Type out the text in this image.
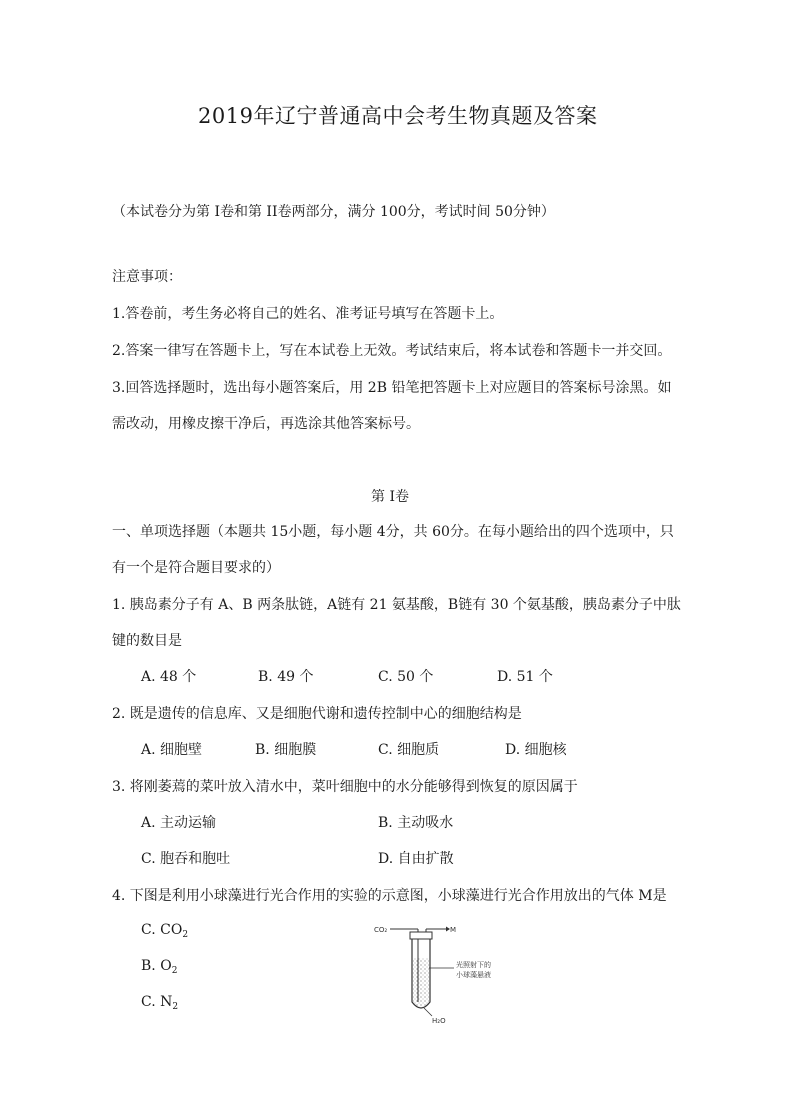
2019年辽宁普通高中会考生物真题及答案
（本试卷分为第 I卷和第 II卷两部分，满分 100分，考试时间 50分钟）
注意事项：
1.答卷前，考生务必将自己的姓名、准考证号填写在答题卡上。
2.答案一律写在答题卡上，写在本试卷上无效。考试结束后，将本试卷和答题卡一并交回。
3.回答选择题时，选出每小题答案后，用 2B 铅笔把答题卡上对应题目的答案标号涂黑。如
需改动，用橡皮擦干净后，再选涂其他答案标号。
第 I卷
一、单项选择题（本题共 15小题，每小题 4分，共 60分。在每小题给出的四个选项中，只
有一个是符合题目要求的）
1. 胰岛素分子有 A、B 两条肽链，A链有 21 氨基酸，B链有 30 个氨基酸，胰岛素分子中肽
键的数目是
A. 48 个	B. 49 个	C. 50 个	D. 51 个
2. 既是遗传的信息库、又是细胞代谢和遗传控制中心的细胞结构是
A. 细胞壁	B. 细胞膜	C. 细胞质	D. 细胞核
3. 将刚萎蔫的菜叶放入清水中，菜叶细胞中的水分能够得到恢复的原因属于
A. 主动运输	B. 主动吸水
C. 胞吞和胞吐	D. 自由扩散
4. 下图是利用小球藻进行光合作用的实验的示意图，小球藻进行光合作用放出的气体 M是
C. $CO_2$
B. $O_2$
C. $N_2$
CO₂	M
光照射下的
小球藻悬液
H₂O
